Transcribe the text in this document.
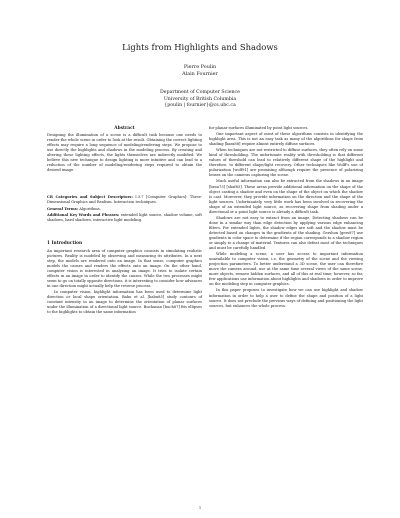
Lights from Highlights and Shadows
Pierre Poulin
Alain Fournier
Department of Computer Science
University of British Columbia
{poulin | fournier}@cs.ubc.ca
Abstract

Designing the illumination of a scene is a difficult task because one needs to render the whole scene in order to look at the result. Obtaining the correct lighting effects may require a long sequence of modeling/rendering steps. We propose to use directly the highlights and shadows in the modeling process. By creating and altering these lighting effects, the lights themselves are indirectly modified. We believe this new technique to design lighting is more intuitive and can lead to a reduction of the number of modeling/rendering steps required to obtain the desired image.

CR Categories and Subject Descriptors: I.3.7 [Computer Graphics]: Three-Dimensional Graphics and Realism. Interaction techniques.

General Terms: Algorithms.

Additional Key Words and Phrases: extended light source, shadow volume, soft shadows, hard shadows, interactive light modeling.

1 Introduction

An important research area of computer graphics consists in simulating realistic pictures. Reality is modeled by observing and measuring its attributes. In a next step, the models are rendered onto an image. In that sense, computer graphics models the causes and renders the effects onto an image. On the other hand, computer vision is interested in analyzing an image. It tries to isolate certain effects in an image in order to identify the causes. While the two processes might seem to go on totally opposite directions, it is interesting to consider how advances in one direction might actually help the reverse process.

In computer vision, highlight information has been used to determine light direction or local shape orientation. Babu et al. [babu85] study contours of constant intensity in an image to determine the orientation of planar surfaces under the illumination of a directional light source. Buchanan [buch87] fits ellipses to the highlights to obtain the same information

for planar surfaces illuminated by point light sources.

One important aspect of most of these algorithms consists in identifying the highlight area. This is not an easy task as many of the algorithms for shape from shading [kara88] require almost entirely diffuse surfaces.

When techniques are not restricted to diffuse surfaces, they often rely on some kind of thresholding. The unfortunate reality with thresholding is that different values of threshold can lead to relatively different shape of the highlight and therefore, to different shape/light recovery. Other techniques like Wolff's use of polarization [wolf91] are promising although require the presence of polarizing lenses on the cameras capturing the scene.

Much useful information can also be extracted from the shadows in an image [brau75] [shaf85]. These areas provide additional information on the shape of the object casting a shadow and even on the shape of the object on which the shadow is cast. Moreover, they provide information on the direction and the shape of the light sources. Unfortunately, very little work has been involved in recovering the shape of an extended light source, as recovering shape from shading under a directional or a point light source is already a difficult task.

Shadows are not easy to extract from an image. Detecting shadows can be done in a similar way than edge detection by applying various edge enhancing filters. For extended lights, the shadow edges are soft and the shadow must be detected based on changes in the gradients of the shading. Gershon [gers87] use gradients in color space to determine if the region corresponds to a shadow region or simply to a change of material. Textures can also defeat most of the techniques and must be carefully handled.

While modeling a scene, a user has access to important information unavailable to computer vision, i.e. the geometry of the scene and the viewing projection parameters. To better understand a 3D scene, the user can therefore move the camera around, use at the same time several views of the same scene, more objects, remove hidden surfaces, and all of this at real time; however, so far, few applications use information about highlights and shadows in order to improve on the modeling step in computer graphics.

In this paper proposes to investigate how we can use highlight and shadow information in order to help a user to define the shape and position of a light source. It does not preclude the previous ways of defining and positioning the light sources, but enhances the whole process.

1
